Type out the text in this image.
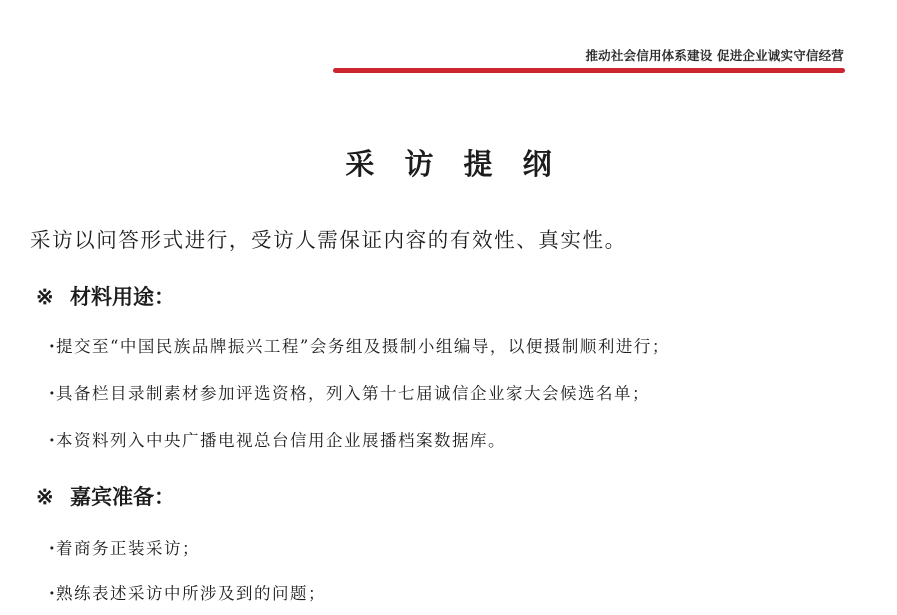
推动社会信用体系建设 促进企业诚实守信经营
采 访 提 纲
采访以问答形式进行，受访人需保证内容的有效性、真实性。
※ 材料用途：
·提交至“中国民族品牌振兴工程”会务组及摄制小组编导，以便摄制顺利进行；
·具备栏目录制素材参加评选资格，列入第十七届诚信企业家大会候选名单；
·本资料列入中央广播电视总台信用企业展播档案数据库。
※ 嘉宾准备：
·着商务正装采访；
·熟练表述采访中所涉及到的问题；
